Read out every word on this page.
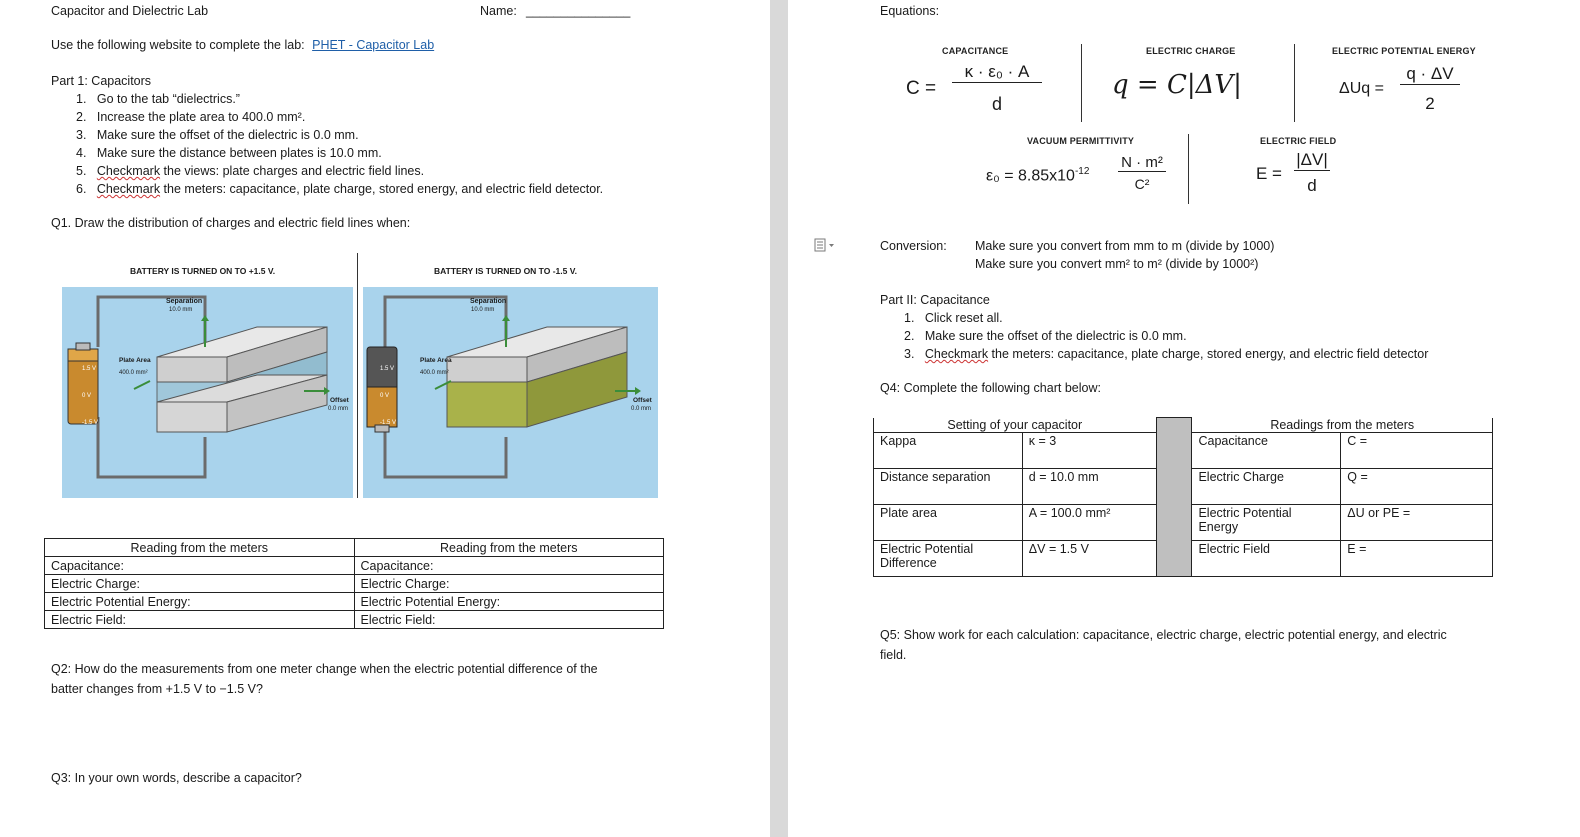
Capacitor and Dielectric Lab	Name: _______________
Use the following website to complete the lab: PHET - Capacitor Lab
Part 1: Capacitors
1. Go to the tab “dielectrics.”
2. Increase the plate area to 400.0 mm².
3. Make sure the offset of the dielectric is 0.0 mm.
4. Make sure the distance between plates is 10.0 mm.
5. Checkmark the views: plate charges and electric field lines.
6. Checkmark the meters: capacitance, plate charge, stored energy, and electric field detector.
Q1. Draw the distribution of charges and electric field lines when:
BATTERY IS TURNED ON TO +1.5 V.
Separation
10.0 mm
Plate Area
400.0 mm²
Offset
0.0 mm
1.5 V
0 V
-1.5 V
BATTERY IS TURNED ON TO -1.5 V.
Separation
10.0 mm
Plate Area
400.0 mm²
Offset
0.0 mm
1.5 V
0 V
-1.5 V
Reading from the meters	Reading from the meters
Capacitance:	Capacitance:
Electric Charge:	Electric Charge:
Electric Potential Energy:	Electric Potential Energy:
Electric Field:	Electric Field:
Q2: How do the measurements from one meter change when the electric potential difference of the
batter changes from +1.5 V to −1.5 V?
Q3: In your own words, describe a capacitor?
Equations:
CAPACITANCE	ELECTRIC CHARGE	ELECTRIC POTENTIAL ENERGY
C =
κ · ε₀ · A
d
q = C|ΔV|	ΔUq =
q · ΔV
2
VACUUM PERMITTIVITY	ELECTRIC FIELD
$\varepsilon_0 = 8.85x10^{-12}$
N · m²
C²
E =
|ΔV|
d
Conversion: Make sure you convert from mm to m (divide by 1000)
Make sure you convert mm² to m² (divide by 1000²)
Part II: Capacitance
1. Click reset all.
2. Make sure the offset of the dielectric is 0.0 mm.
3. Checkmark the meters: capacitance, plate charge, stored energy, and electric field detector
Q4: Complete the following chart below:
Setting of your capacitor			Readings from the meters	
Kappa	κ = 3		Capacitance	C =
Distance separation	d = 10.0 mm		Electric Charge	Q =
Plate area	A = 100.0 mm²		Electric Potential Energy	ΔU or PE =
Electric Potential Difference	ΔV = 1.5 V		Electric Field	E =
Q5: Show work for each calculation: capacitance, electric charge, electric potential energy, and electric
field.
